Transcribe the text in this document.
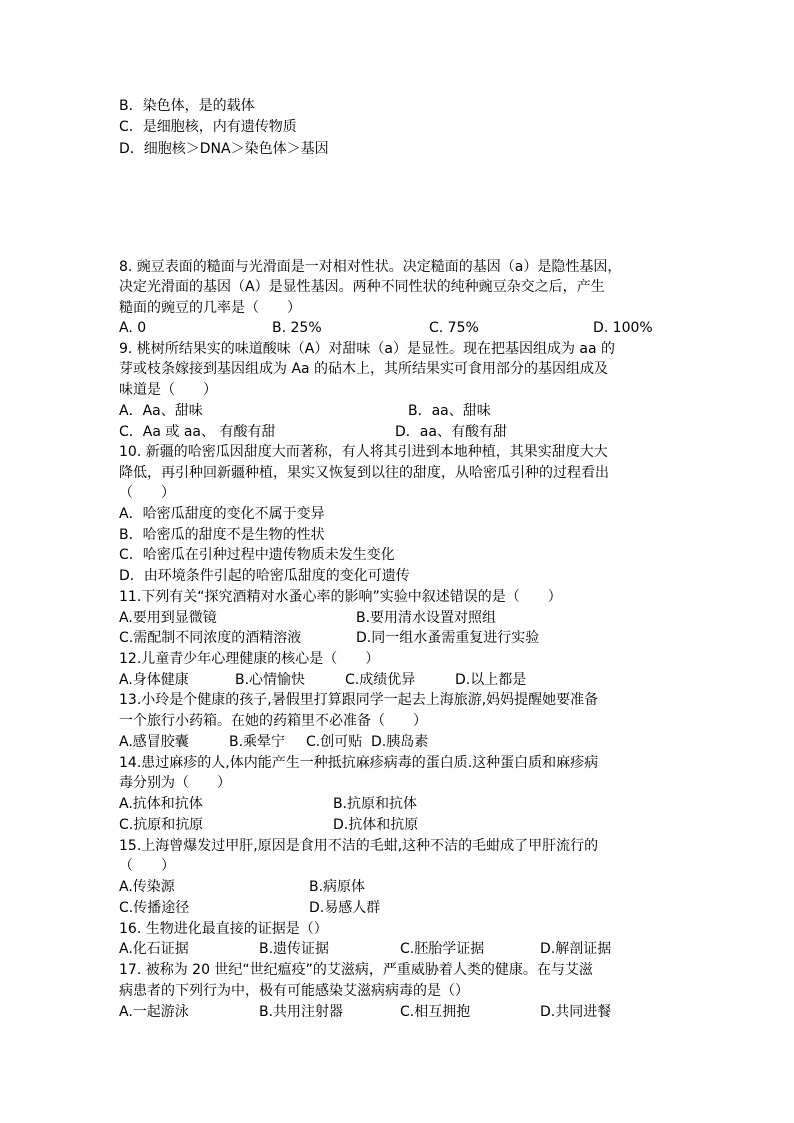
B．染色体，是的载体

C．是细胞核，内有遗传物质

D．细胞核＞DNA＞染色体＞基因

8. 豌豆表面的糙面与光滑面是一对相对性状。决定糙面的基因（a）是隐性基因，

决定光滑面的基因（A）是显性基因。两种不同性状的纯种豌豆杂交之后，产生

糙面的豌豆的几率是（　　）

A. 0	B. 25%	C. 75%	D. 100%

9. 桃树所结果实的味道酸味（A）对甜味（a）是显性。现在把基因组成为 aa 的

芽或枝条嫁接到基因组成为 Aa 的砧木上，其所结果实可食用部分的基因组成及

味道是（　　）

A．Aa、甜味	B．aa、甜味
C．Aa 或 aa、 有酸有甜	D．aa、有酸有甜

10. 新疆的哈密瓜因甜度大而著称，有人将其引进到本地种植，其果实甜度大大

降低，再引种回新疆种植，果实又恢复到以往的甜度，从哈密瓜引种的过程看出

（　　）

A．哈密瓜甜度的变化不属于变异

B．哈密瓜的甜度不是生物的性状

C．哈密瓜在引种过程中遗传物质未发生变化

D．由环境条件引起的哈密瓜甜度的变化可遗传

11.下列有关“探究酒精对水蚤心率的影响”实验中叙述错误的是（　　）

A.要用到显微镜	B.要用清水设置对照组
C.需配制不同浓度的酒精溶液	D.同一组水蚤需重复进行实验

12.儿童青少年心理健康的核心是（　　）

A.身体健康	B.心情愉快	C.成绩优异	D.以上都是

13.小玲是个健康的孩子,暑假里打算跟同学一起去上海旅游,妈妈提醒她要准备

一个旅行小药箱。在她的药箱里不必准备（　　）

A.感冒胶囊	B.乘晕宁 C.创可贴 D.胰岛素

14.患过麻疹的人,体内能产生一种抵抗麻疹病毒的蛋白质.这种蛋白质和麻疹病

毒分别为（　　）

A.抗体和抗体	B.抗原和抗体
C.抗原和抗原	D.抗体和抗原

15.上海曾爆发过甲肝,原因是食用不洁的毛蚶,这种不洁的毛蚶成了甲肝流行的

（　　）

A.传染源	B.病原体
C.传播途径	D.易感人群

16. 生物进化最直接的证据是（）

A.化石证据	B.遗传证据	C.胚胎学证据	D.解剖证据

17. 被称为 20 世纪“世纪瘟疫”的艾滋病，严重威胁着人类的健康。在与艾滋

病患者的下列行为中，极有可能感染艾滋病病毒的是（）

A.一起游泳	B.共用注射器	C.相互拥抱	D.共同进餐
